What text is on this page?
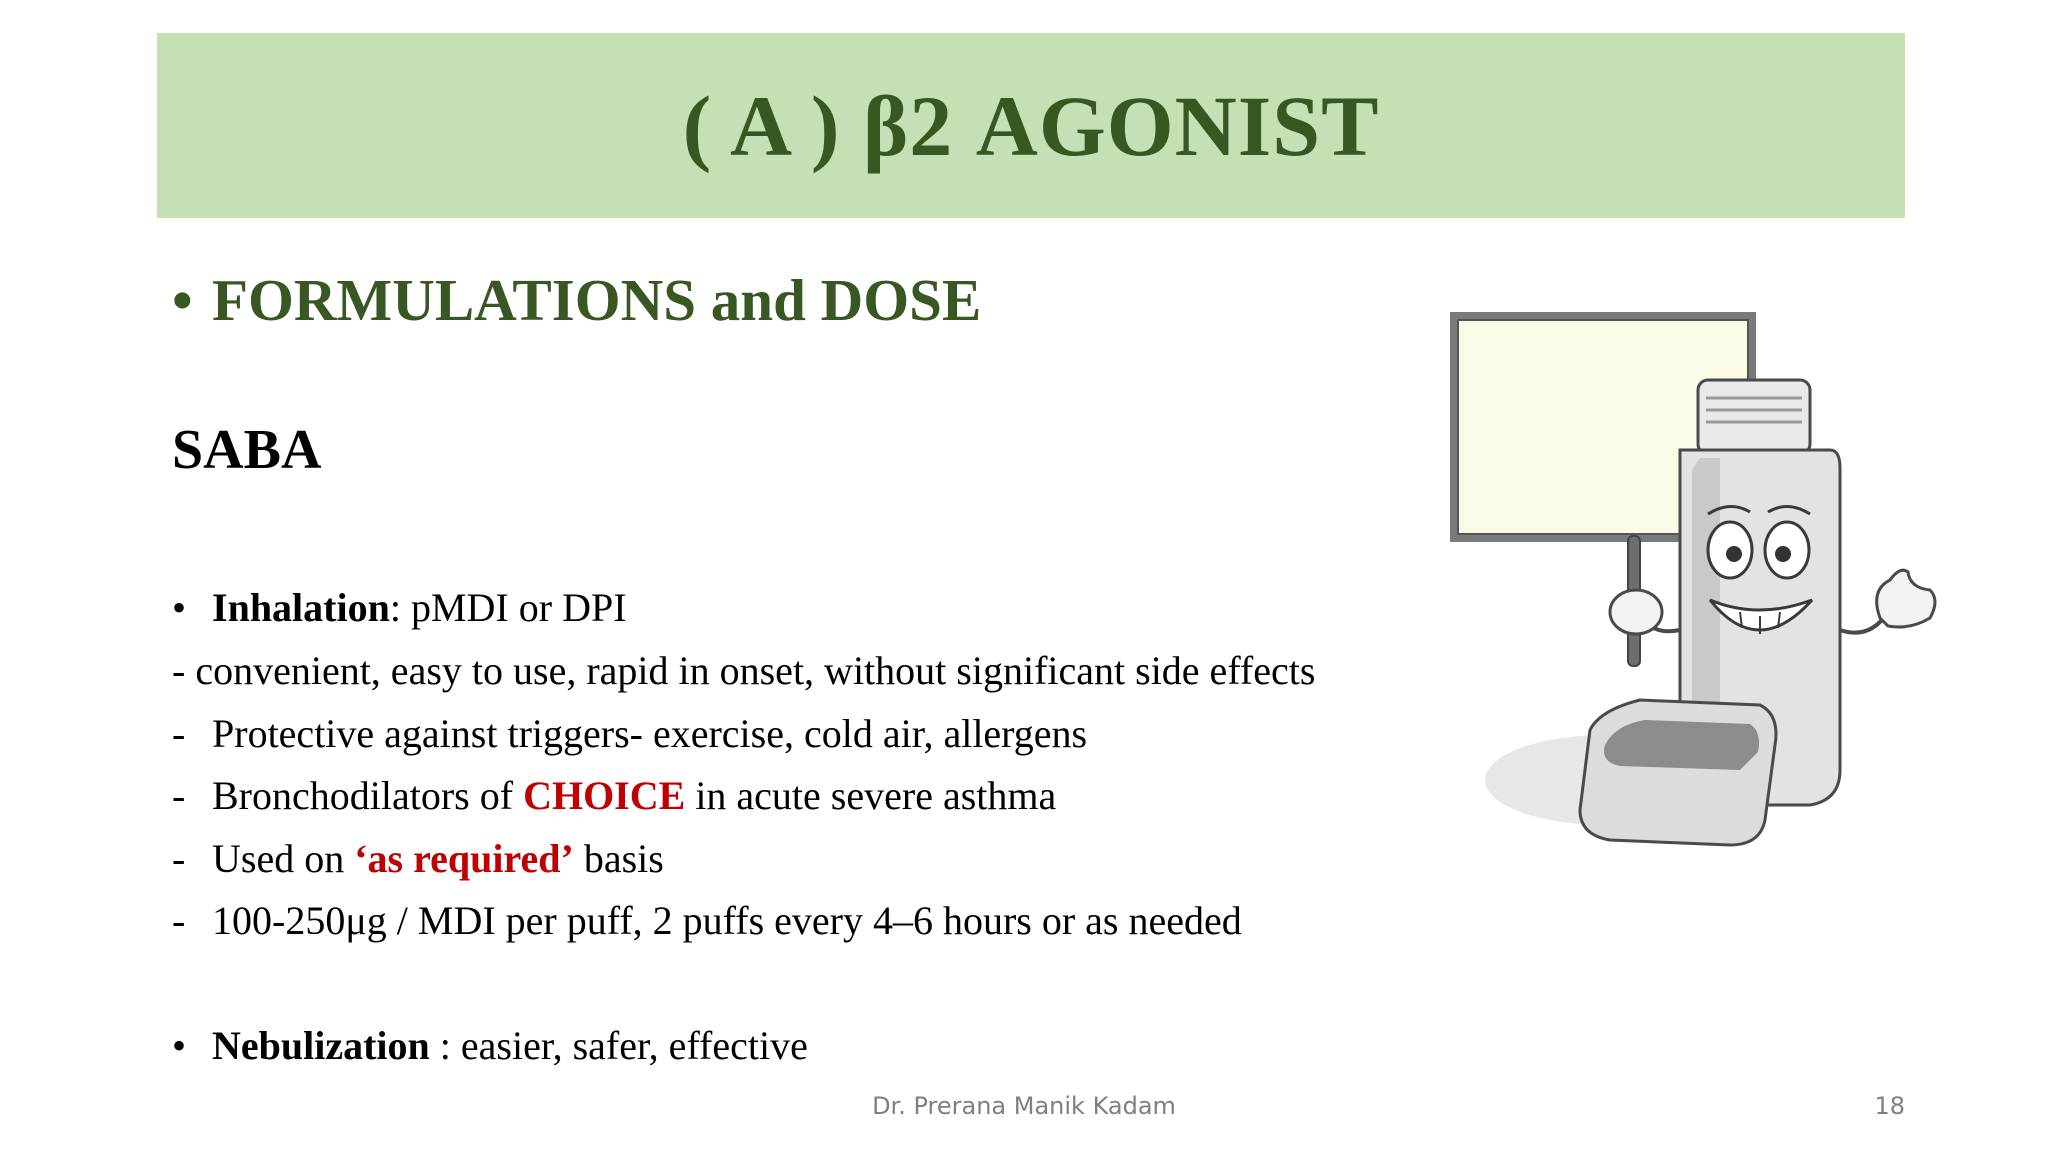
( A ) β2 AGONIST
• FORMULATIONS and DOSE
SABA
• Inhalation: pMDI or DPI
- convenient, easy to use, rapid in onset, without significant side effects
- Protective against triggers- exercise, cold air, allergens
- Bronchodilators of CHOICE in acute severe asthma
- Used on ‘as required’ basis
- 100-250μg / MDI per puff, 2 puffs every 4–6 hours or as needed
• Nebulization : easier, safer, effective
Dr. Prerana Manik Kadam	18
